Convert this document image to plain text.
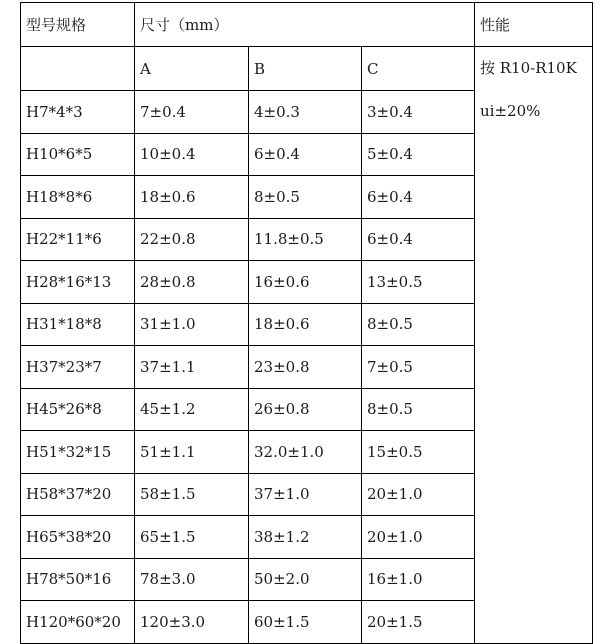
型号规格	尺寸（mm）			性能
	A	B	C	按 R10-R10K
ui±20%

H7*4*3	7±0.4	4±0.3	3±0.4	
H10*6*5	10±0.4	6±0.4	5±0.4	
H18*8*6	18±0.6	8±0.5	6±0.4	
H22*11*6	22±0.8	11.8±0.5	6±0.4	
H28*16*13	28±0.8	16±0.6	13±0.5	
H31*18*8	31±1.0	18±0.6	8±0.5	
H37*23*7	37±1.1	23±0.8	7±0.5	
H45*26*8	45±1.2	26±0.8	8±0.5	
H51*32*15	51±1.1	32.0±1.0	15±0.5	
H58*37*20	58±1.5	37±1.0	20±1.0	
H65*38*20	65±1.5	38±1.2	20±1.0	
H78*50*16	78±3.0	50±2.0	16±1.0	
H120*60*20	120±3.0	60±1.5	20±1.5	
